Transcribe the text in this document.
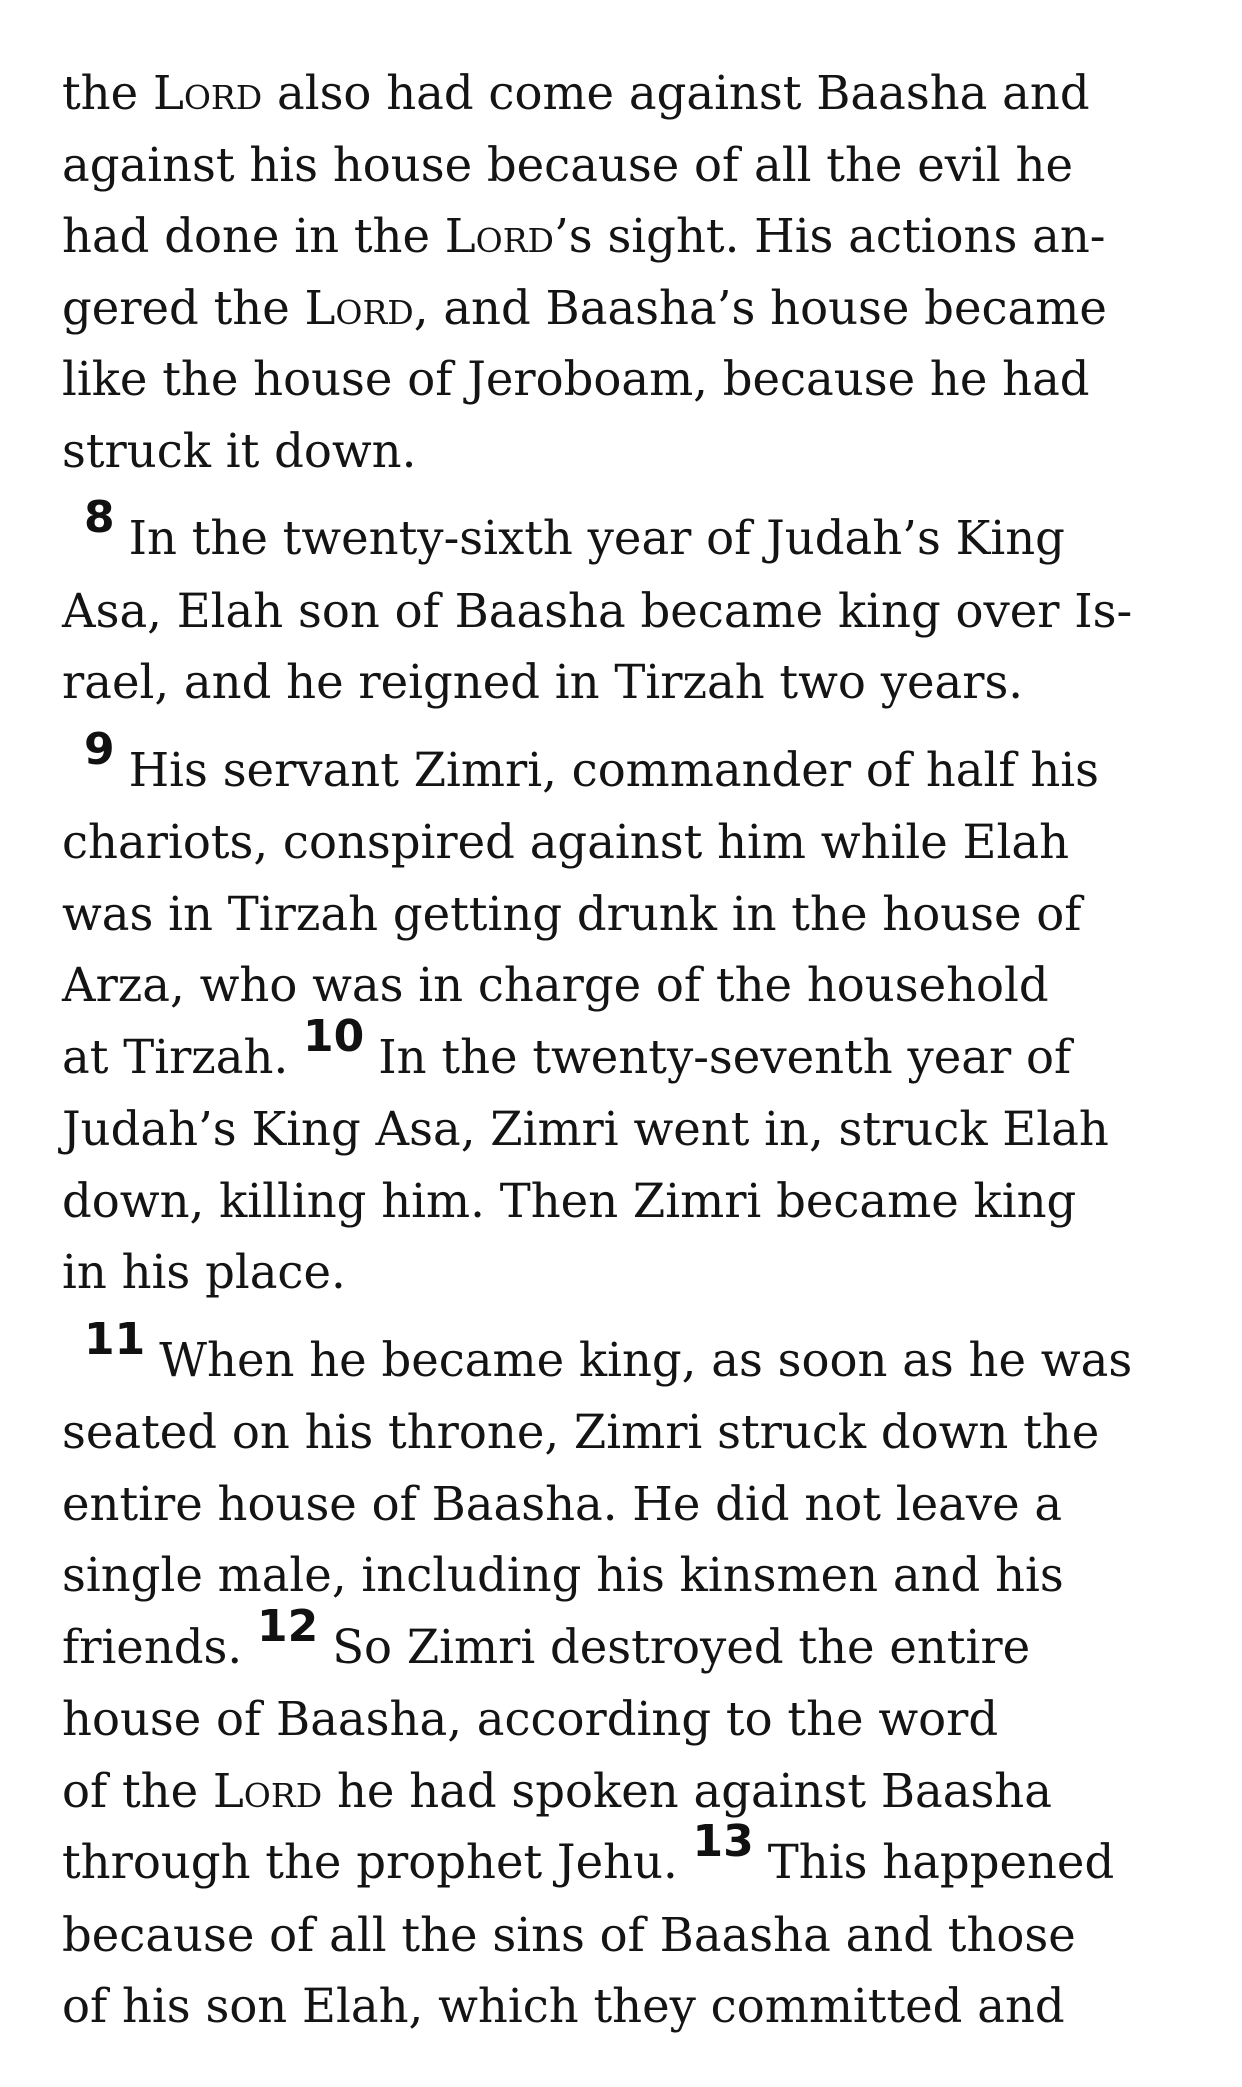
the Lord also had come against Baasha and
against his house because of all the evil he
had done in the Lord’s sight. His actions an-
gered the Lord, and Baasha’s house became
like the house of Jeroboam, because he had
struck it down.
8 In the twenty-sixth year of Judah’s King
Asa, Elah son of Baasha became king over Is-
rael, and he reigned in Tirzah two years.
9 His servant Zimri, commander of half his
chariots, conspired against him while Elah
was in Tirzah getting drunk in the house of
Arza, who was in charge of the household
at Tirzah. 10 In the twenty-seventh year of
Judah’s King Asa, Zimri went in, struck Elah
down, killing him. Then Zimri became king
in his place.
11 When he became king, as soon as he was
seated on his throne, Zimri struck down the
entire house of Baasha. He did not leave a
single male, including his kinsmen and his
friends. 12 So Zimri destroyed the entire
house of Baasha, according to the word
of the Lord he had spoken against Baasha
through the prophet Jehu. 13 This happened
because of all the sins of Baasha and those
of his son Elah, which they committed and
